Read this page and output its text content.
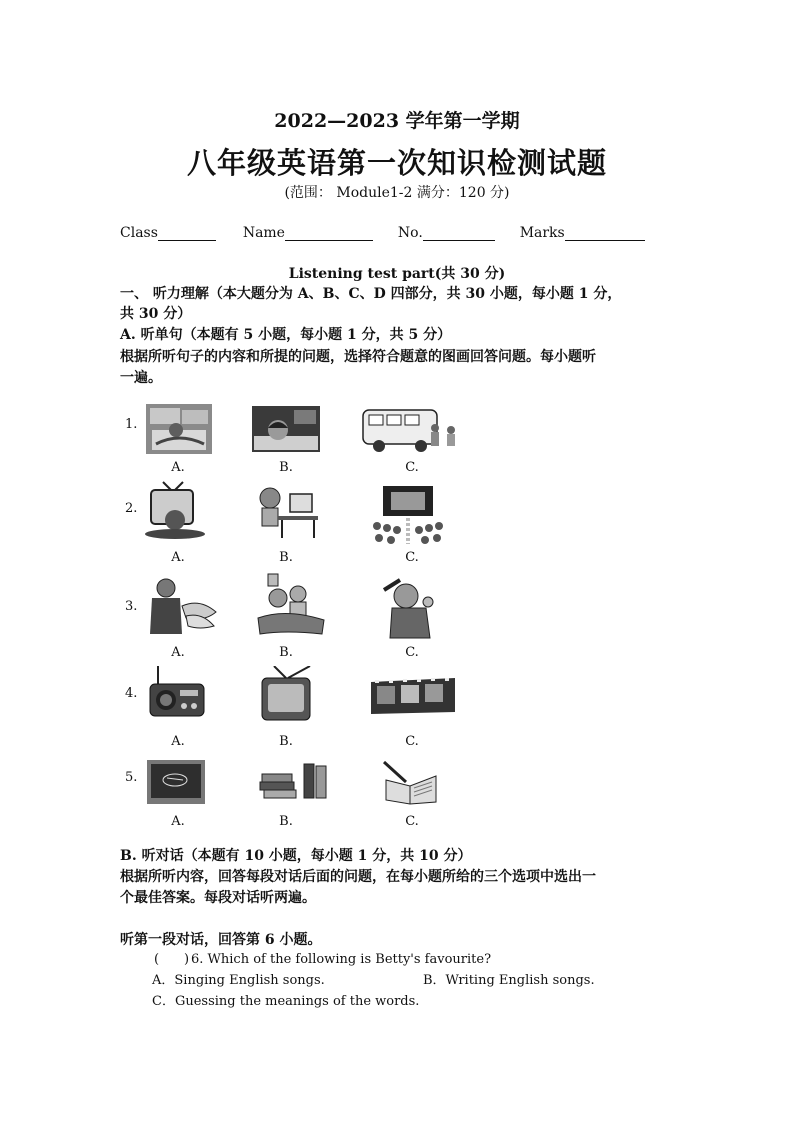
2022—2023 学年第一学期
八年级英语第一次知识检测试题
(范围： Module1-2 满分：120 分)
Class	Name	No.	Marks
Listening test part(共 30 分)
一、 听力理解（本大题分为 A、B、C、D 四部分，共 30 小题，每小题 1 分，
共 30 分）
A. 听单句（本题有 5 小题，每小题 1 分，共 5 分）
根据所听句子的内容和所提的问题，选择符合题意的图画回答问题。每小题听
一遍。
1.
A.	B.	C.
2.
A.	B.	C.
3.
A.	B.	C.
4.
A.	B.	C.
5.
A.	B.	C.
B. 听对话（本题有 10 小题，每小题 1 分，共 10 分）
根据所听内容，回答每段对话后面的问题，在每小题所给的三个选项中选出一
个最佳答案。每段对话听两遍。
听第一段对话，回答第 6 小题。
( ) 6. Which of the following is Betty's favourite?
A．Singing English songs.	B．Writing English songs.
C．Guessing the meanings of the words.
